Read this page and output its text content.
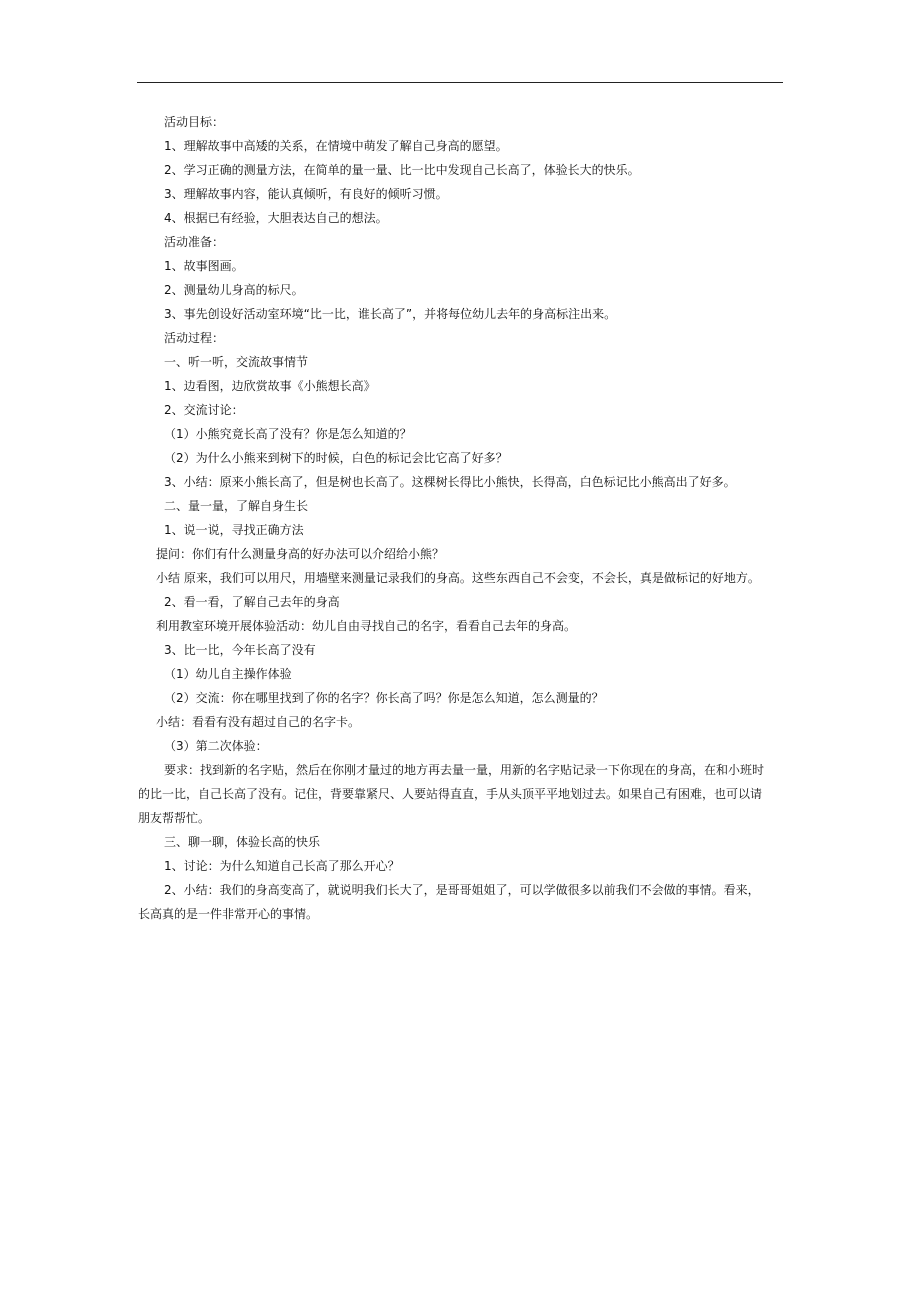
活动目标：
1、理解故事中高矮的关系，在情境中萌发了解自己身高的愿望。
2、学习正确的测量方法，在简单的量一量、比一比中发现自己长高了，体验长大的快乐。
3、理解故事内容，能认真倾听，有良好的倾听习惯。
4、根据已有经验，大胆表达自己的想法。
活动准备：
1、故事图画。
2、测量幼儿身高的标尺。
3、事先创设好活动室环境“比一比，谁长高了”，并将每位幼儿去年的身高标注出来。
活动过程：
一、听一听，交流故事情节
1、边看图，边欣赏故事《小熊想长高》
2、交流讨论：
（1）小熊究竟长高了没有？你是怎么知道的？
（2）为什么小熊来到树下的时候，白色的标记会比它高了好多？
3、小结：原来小熊长高了，但是树也长高了。这棵树长得比小熊快，长得高，白色标记比小熊高出了好多。
二、量一量，了解自身生长
1、说一说，寻找正确方法
提问：你们有什么测量身高的好办法可以介绍给小熊？
小结 原来，我们可以用尺，用墙壁来测量记录我们的身高。这些东西自己不会变，不会长，真是做标记的好地方。
2、看一看，了解自己去年的身高
利用教室环境开展体验活动：幼儿自由寻找自己的名字，看看自己去年的身高。
3、比一比，今年长高了没有
（1）幼儿自主操作体验
（2）交流：你在哪里找到了你的名字？你长高了吗？你是怎么知道，怎么测量的？
小结：看看有没有超过自己的名字卡。
（3）第二次体验：
要求：找到新的名字贴，然后在你刚才量过的地方再去量一量，用新的名字贴记录一下你现在的身高，在和小班时
的比一比，自己长高了没有。记住，背要靠紧尺、人要站得直直，手从头顶平平地划过去。如果自己有困难，也可以请
朋友帮帮忙。
三、聊一聊，体验长高的快乐
1、讨论：为什么知道自己长高了那么开心？
2、小结：我们的身高变高了，就说明我们长大了，是哥哥姐姐了，可以学做很多以前我们不会做的事情。看来，
长高真的是一件非常开心的事情。
